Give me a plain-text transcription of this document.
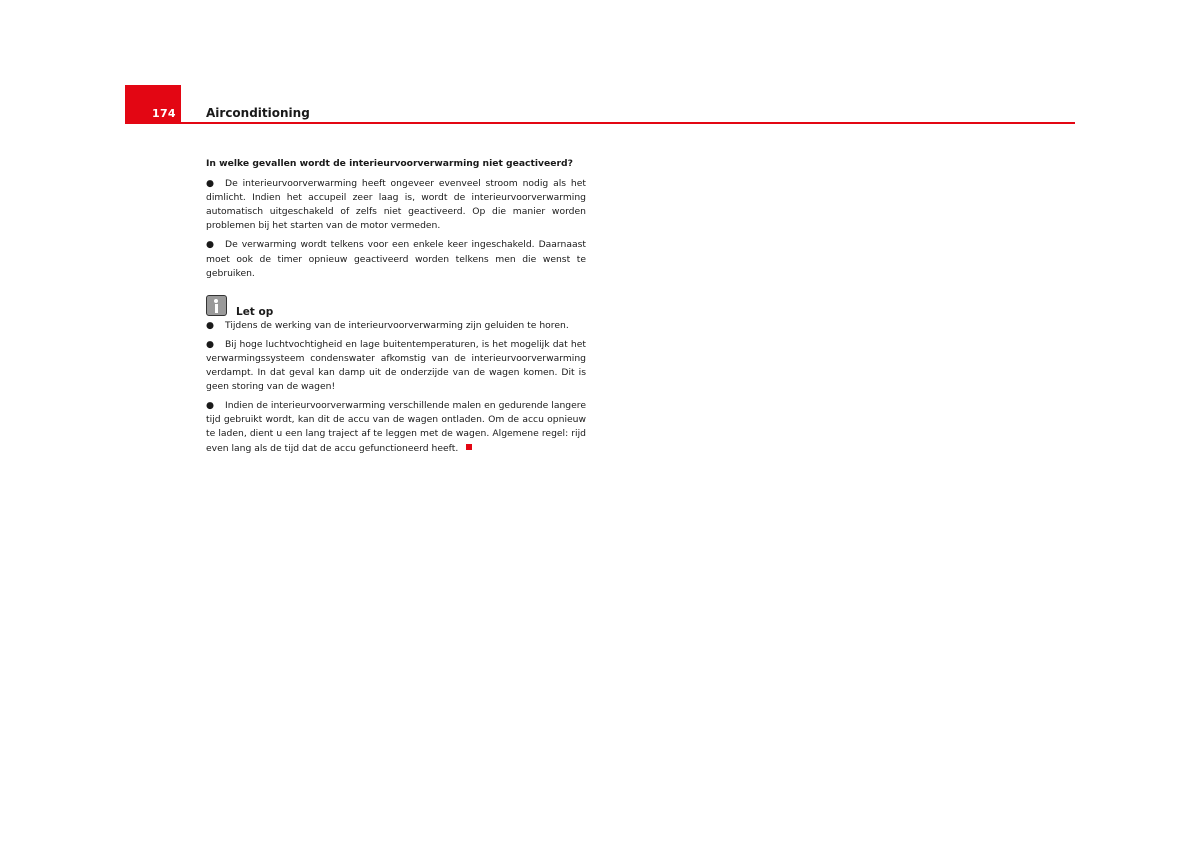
174	Airconditioning

In welke gevallen wordt de interieurvoorverwarming niet geactiveerd?

● De interieurvoorverwarming heeft ongeveer evenveel stroom nodig als het dimlicht. Indien het accupeil zeer laag is, wordt de interieurvoorverwarming automatisch uitgeschakeld of zelfs niet geactiveerd. Op die manier worden problemen bij het starten van de motor vermeden.

● De verwarming wordt telkens voor een enkele keer ingeschakeld. Daarnaast moet ook de timer opnieuw geactiveerd worden telkens men die wenst te gebruiken.

Let op

● Tijdens de werking van de interieurvoorverwarming zijn geluiden te horen.

● Bij hoge luchtvochtigheid en lage buitentemperaturen, is het mogelijk dat het verwarmingssysteem condenswater afkomstig van de interieurvoorverwarming verdampt. In dat geval kan damp uit de onderzijde van de wagen komen. Dit is geen storing van de wagen!

● Indien de interieurvoorverwarming verschillende malen en gedurende langere tijd gebruikt wordt, kan dit de accu van de wagen ontladen. Om de accu opnieuw te laden, dient u een lang traject af te leggen met de wagen. Algemene regel: rijd even lang als de tijd dat de accu gefunctioneerd heeft.
